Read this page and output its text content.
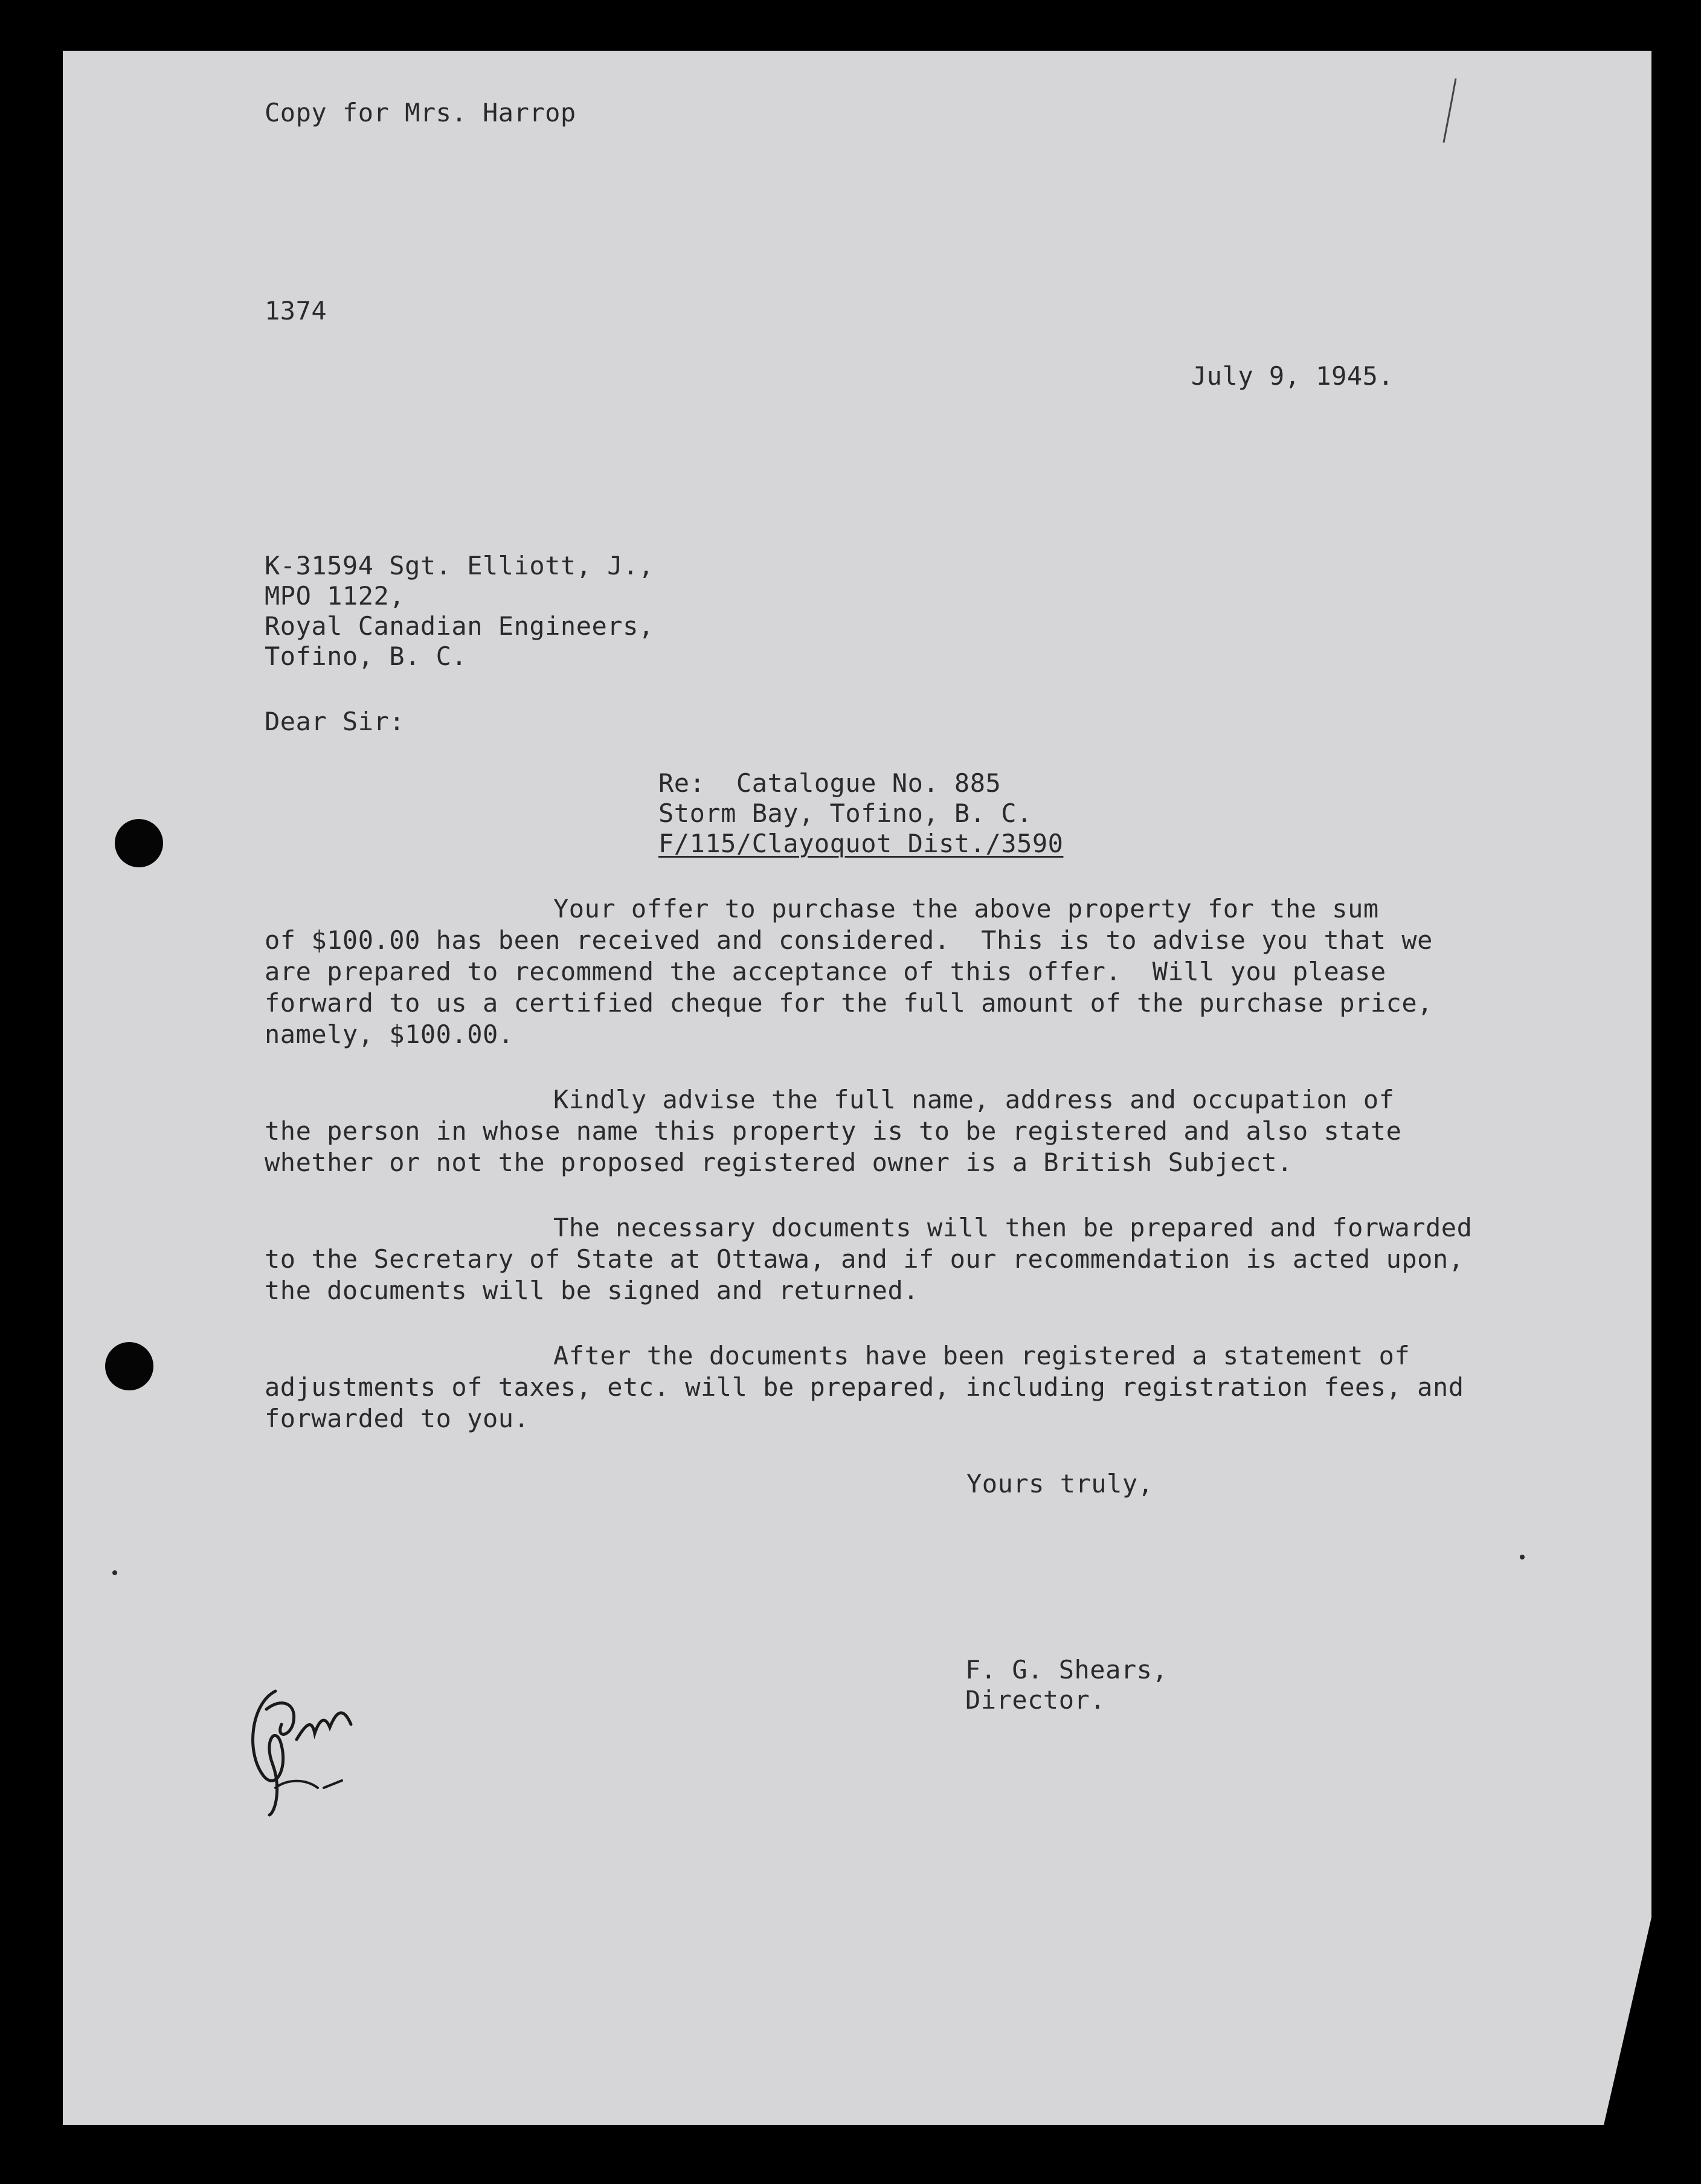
Copy for Mrs. Harrop
1374
July 9, 1945.
K-31594 Sgt. Elliott, J.,
MPO 1122,
Royal Canadian Engineers,
Tofino, B. C.
Dear Sir:
Re:  Catalogue No. 885
Storm Bay, Tofino, B. C.
F/115/Clayoquot Dist./3590
Your offer to purchase the above property for the sum
of $100.00 has been received and considered.  This is to advise you that we
are prepared to recommend the acceptance of this offer.  Will you please
forward to us a certified cheque for the full amount of the purchase price,
namely, $100.00.
Kindly advise the full name, address and occupation of
the person in whose name this property is to be registered and also state
whether or not the proposed registered owner is a British Subject.
The necessary documents will then be prepared and forwarded
to the Secretary of State at Ottawa, and if our recommendation is acted upon,
the documents will be signed and returned.
After the documents have been registered a statement of
adjustments of taxes, etc. will be prepared, including registration fees, and
forwarded to you.
Yours truly,
F. G. Shears,
Director.
